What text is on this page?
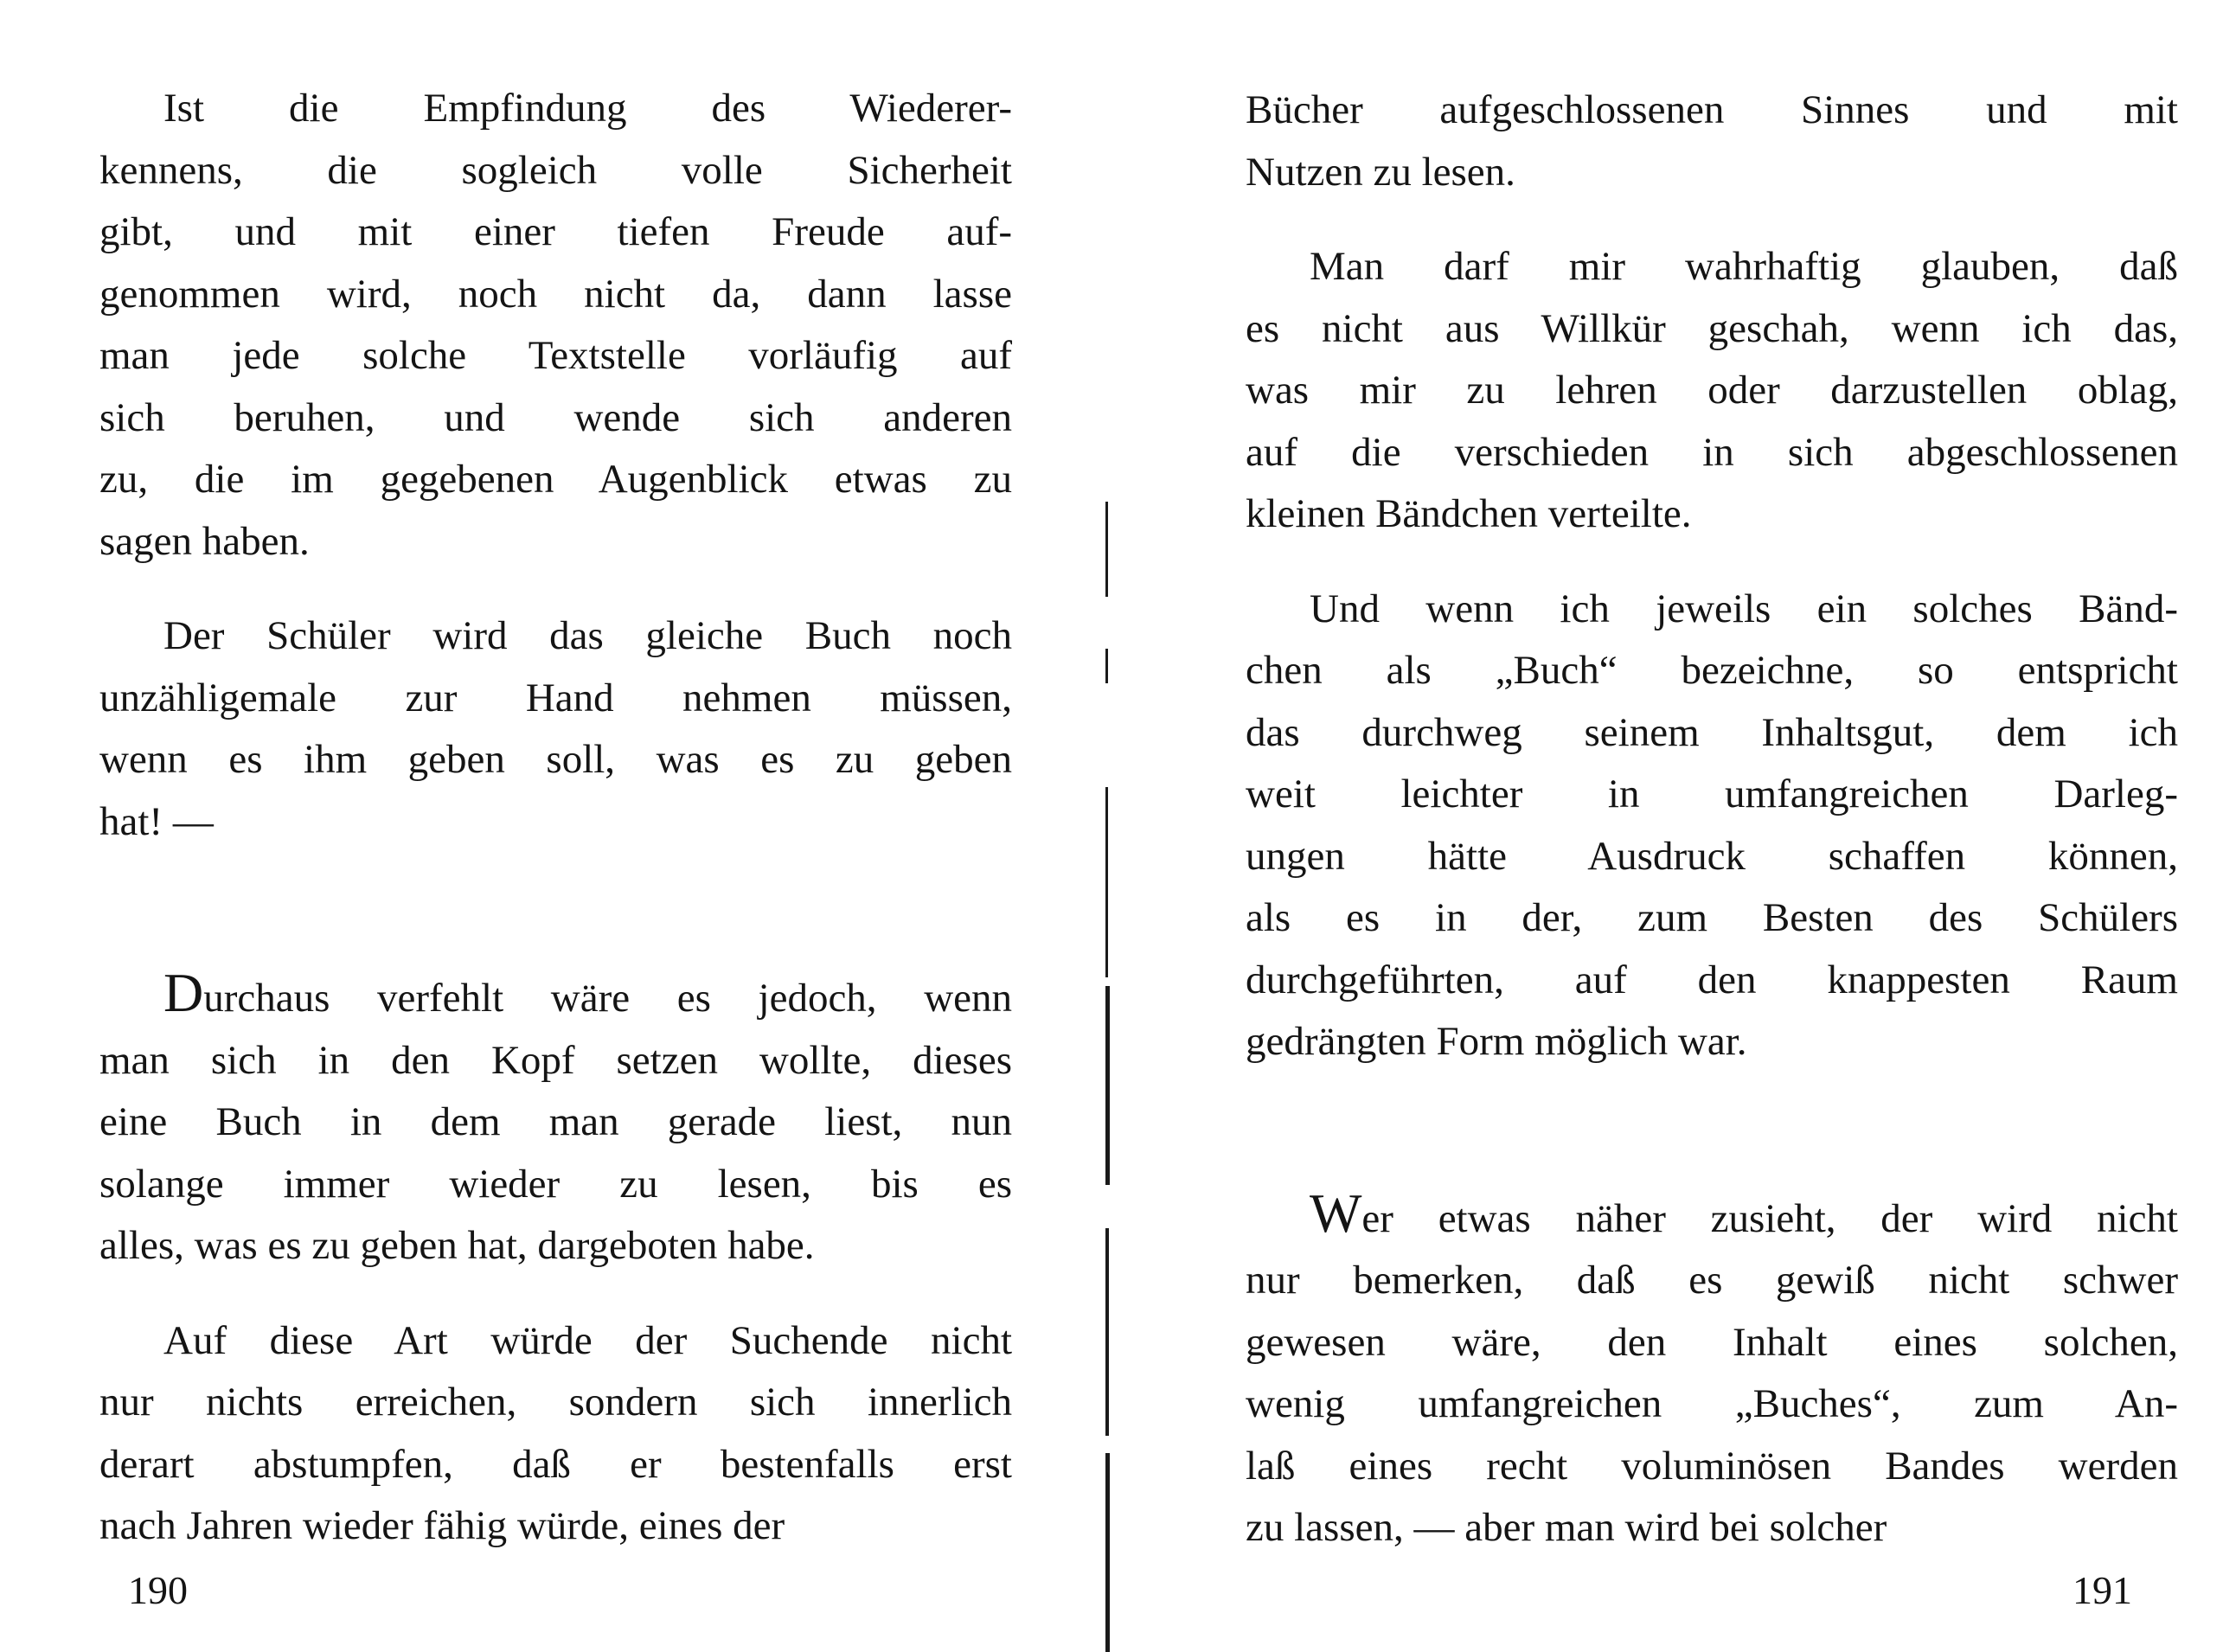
Ist die Empfindung des Wiederer-
kennens, die sogleich volle Sicherheit
gibt, und mit einer tiefen Freude auf-
genommen wird, noch nicht da, dann lasse
man jede solche Textstelle vorläufig auf
sich beruhen, und wende sich anderen
zu, die im gegebenen Augenblick etwas zu
sagen haben.
Der Schüler wird das gleiche Buch noch
unzähligemale zur Hand nehmen müssen,
wenn es ihm geben soll, was es zu geben
hat! —
Durchaus verfehlt wäre es jedoch, wenn
man sich in den Kopf setzen wollte, dieses
eine Buch in dem man gerade liest, nun
solange immer wieder zu lesen, bis es
alles, was es zu geben hat, dargeboten habe.
Auf diese Art würde der Suchende nicht
nur nichts erreichen, sondern sich innerlich
derart abstumpfen, daß er bestenfalls erst
nach Jahren wieder fähig würde, eines der
190
Bücher aufgeschlossenen Sinnes und mit
Nutzen zu lesen.
Man darf mir wahrhaftig glauben, daß
es nicht aus Willkür geschah, wenn ich das,
was mir zu lehren oder darzustellen oblag,
auf die verschieden in sich abgeschlossenen
kleinen Bändchen verteilte.
Und wenn ich jeweils ein solches Bänd-
chen als „Buch“ bezeichne, so entspricht
das durchweg seinem Inhaltsgut, dem ich
weit leichter in umfangreichen Darleg-
ungen hätte Ausdruck schaffen können,
als es in der, zum Besten des Schülers
durchgeführten, auf den knappesten Raum
gedrängten Form möglich war.
Wer etwas näher zusieht, der wird nicht
nur bemerken, daß es gewiß nicht schwer
gewesen wäre, den Inhalt eines solchen,
wenig umfangreichen „Buches“, zum An-
laß eines recht voluminösen Bandes werden
zu lassen, — aber man wird bei solcher
191
